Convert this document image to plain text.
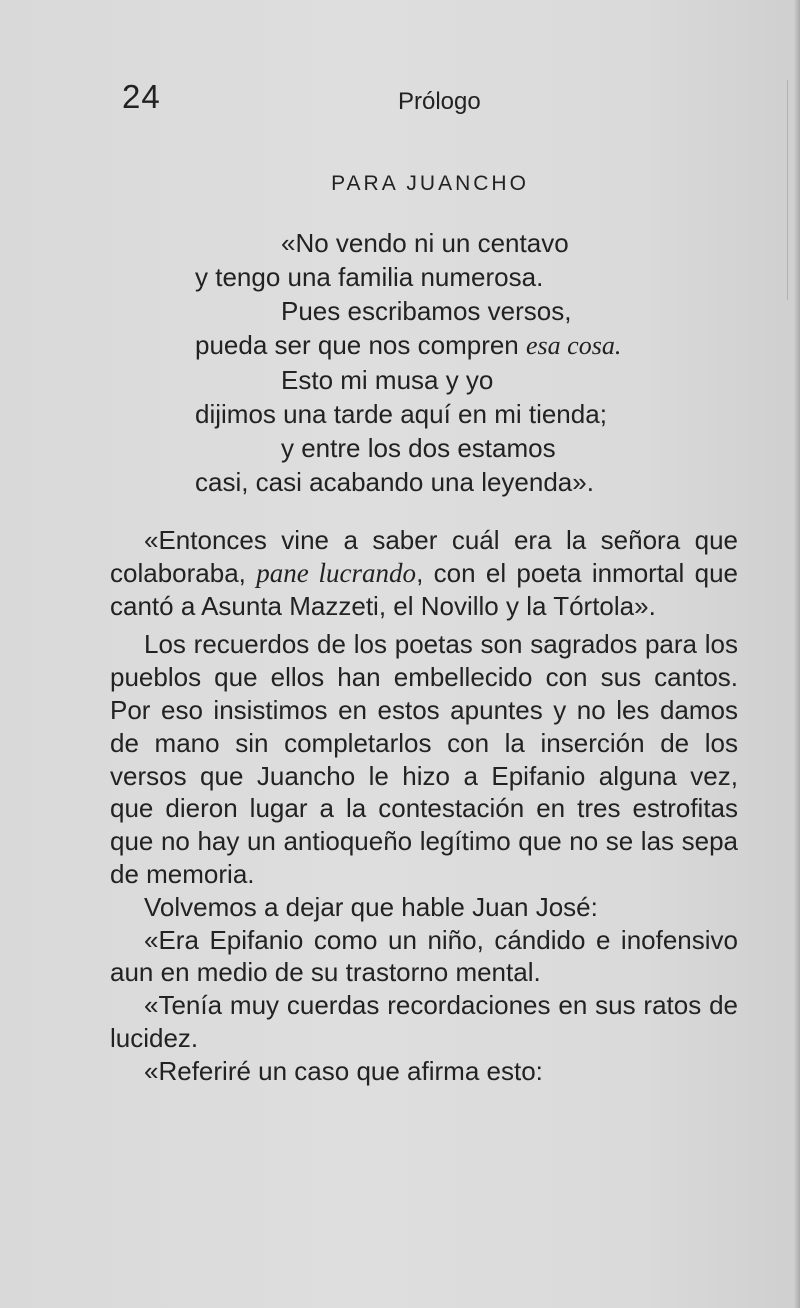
24	Prólogo
PARA JUANCHO
«No vendo ni un centavo
y tengo una familia numerosa.
Pues escribamos versos,
pueda ser que nos compren esa cosa.
Esto mi musa y yo
dijimos una tarde aquí en mi tienda;
y entre los dos estamos
casi, casi acabando una leyenda».

«Entonces vine a saber cuál era la señora que colaboraba, pane lucrando, con el poeta inmortal que cantó a Asunta Mazzeti, el Novillo y la Tórtola».

Los recuerdos de los poetas son sagrados para los pueblos que ellos han embellecido con sus cantos. Por eso insistimos en estos apuntes y no les damos de mano sin completarlos con la inserción de los versos que Juancho le hizo a Epifanio alguna vez, que dieron lugar a la contestación en tres estrofitas que no hay un antioqueño legítimo que no se las sepa de memoria.

Volvemos a dejar que hable Juan José:

«Era Epifanio como un niño, cándido e inofensivo aun en medio de su trastorno mental.

«Tenía muy cuerdas recordaciones en sus ratos de lucidez.

«Referiré un caso que afirma esto:
